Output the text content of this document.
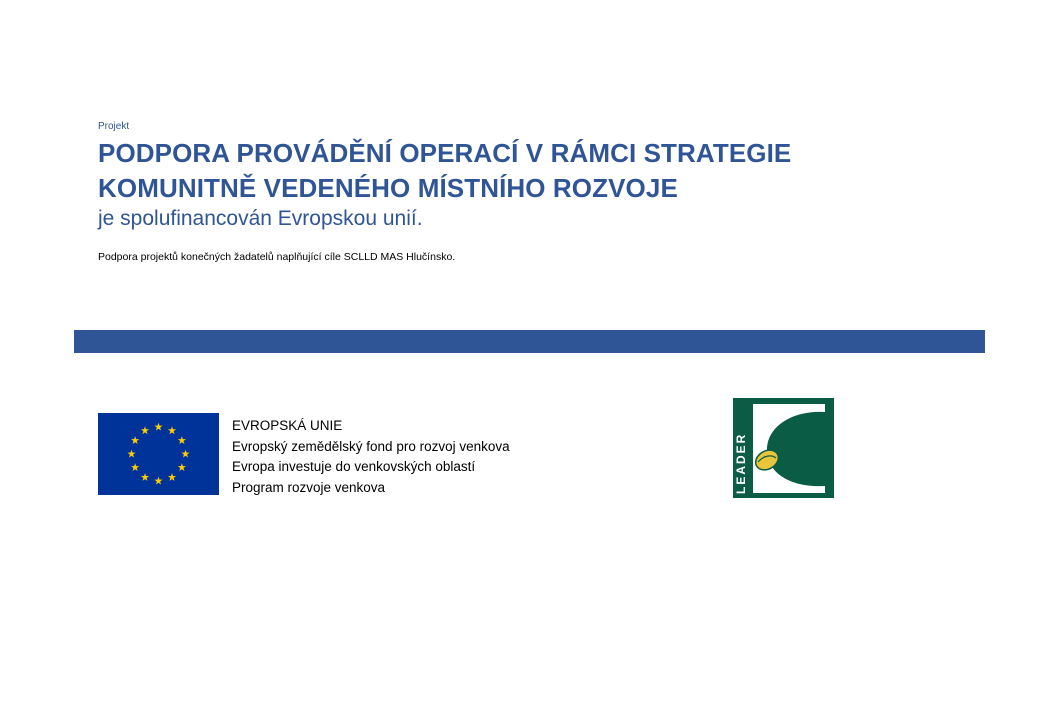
Projekt
PODPORA PROVÁDĚNÍ OPERACÍ V RÁMCI STRATEGIE
KOMUNITNĚ VEDENÉHO MÍSTNÍHO ROZVOJE
je spolufinancován Evropskou unií.
Podpora projektů konečných žadatelů naplňující cíle SCLLD MAS Hlučínsko.
EVROPSKÁ UNIE
Evropský zemědělský fond pro rozvoj venkova
Evropa investuje do venkovských oblastí
Program rozvoje venkova	LEADER
